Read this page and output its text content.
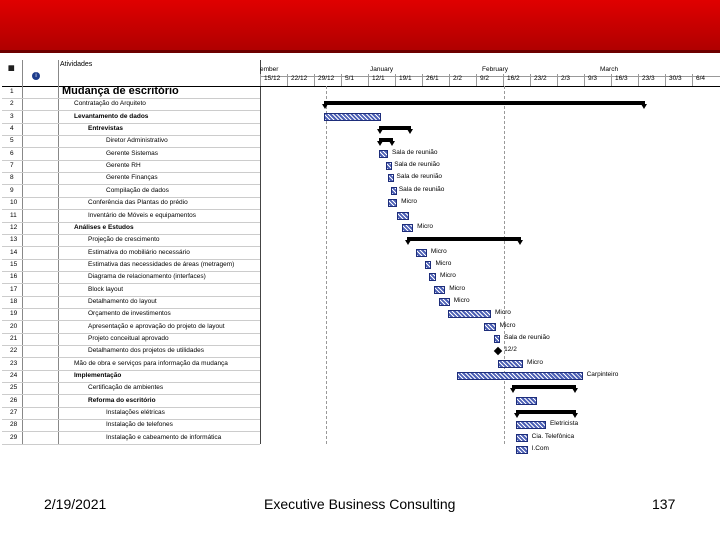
▦
i
Atividades
1	Mudança de escritório
2	Contratação do Arquiteto
3	Levantamento de dados
4	Entrevistas
5	Diretor Administrativo
6	Gerente Sistemas
7	Gerente RH
8	Gerente Finanças
9	Compilação de dados
10	Conferência das Plantas do prédio
11	Inventário de Móveis e equipamentos
12	Análises e Estudos
13	Projeção de crescimento
14	Estimativa do mobiliário necessário
15	Estimativa das necessidades de áreas (metragem)
16	Diagrama de relacionamento (interfaces)
17	Block layout
18	Detalhamento do layout
19	Orçamento de investimentos
20	Apresentação e aprovação do projeto de layout
21	Projeto conceitual aprovado
22	Detalhamento dos projetos de utilidades
23	Mão de obra e serviços para informação da mudança
24	Implementação
25	Certificação de ambientes
26	Reforma do escritório
27	Instalações elétricas
28	Instalação de telefones
29	Instalação e cabeamento de informática
ember	January	February	March
15/12 22/12 29/12 5/1	12/1 19/1 26/1 2/2	9/2	16/2 23/2 2/3	9/3	16/3 23/3 30/3 6/4
Sala de reunião
Sala de reunião
Sala de reunião
Sala de reunião
Micro
Micro
Micro
Micro
Micro
Micro
Micro
Micro
Micro
Sala de reunião
12/2
Micro
Carpinteiro
Eletricista
Cia. Telefônica
I.Com
2/19/2021	Executive Business Consulting	137
